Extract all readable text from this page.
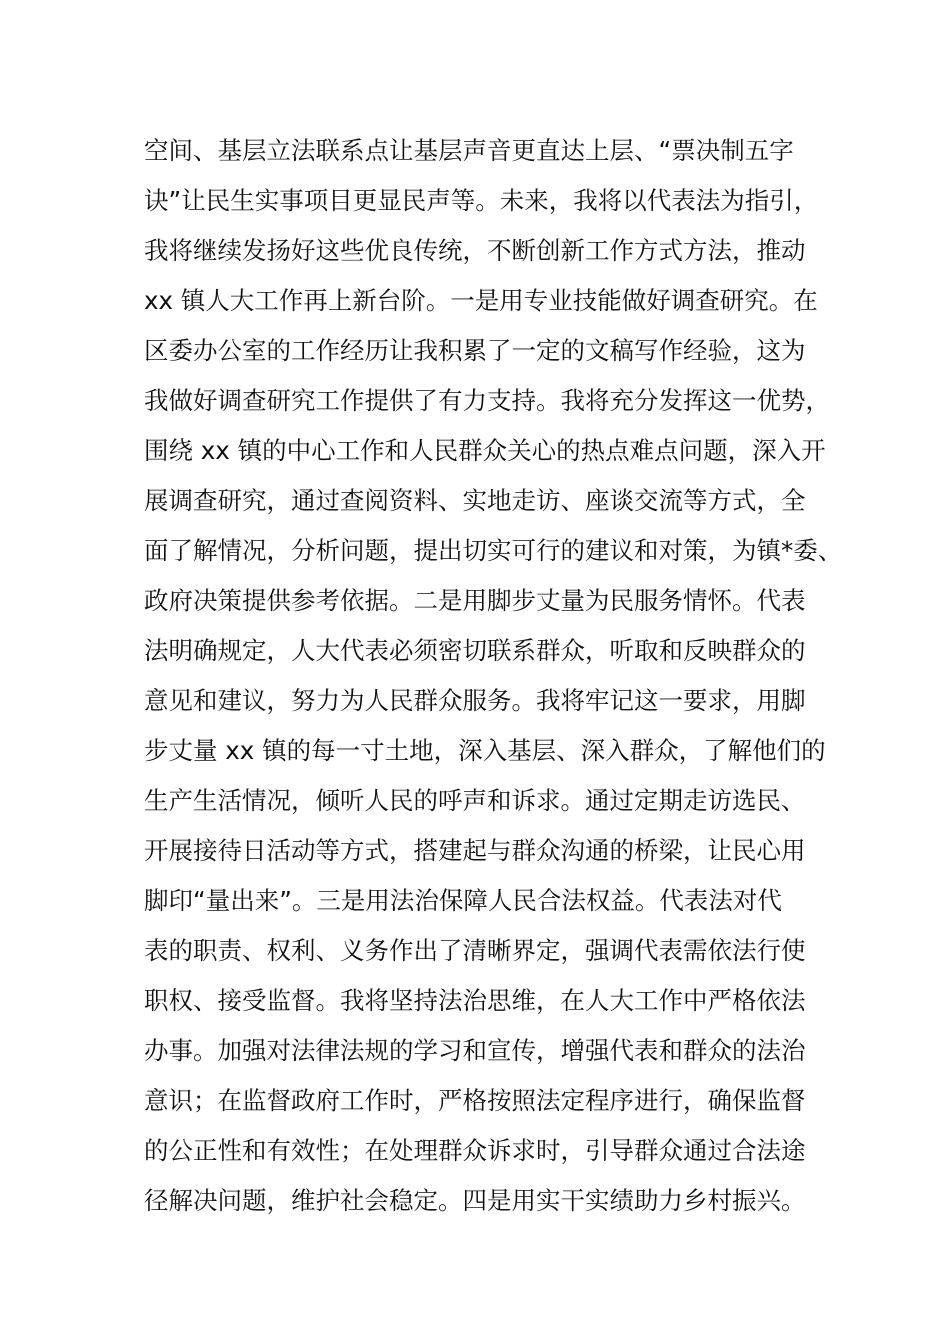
空间、基层立法联系点让基层声音更直达上层、“票决制五字
诀”让民生实事项目更显民声等。未来，我将以代表法为指引，
我将继续发扬好这些优良传统，不断创新工作方式方法，推动
xx 镇人大工作再上新台阶。一是用专业技能做好调查研究。在
区委办公室的工作经历让我积累了一定的文稿写作经验，这为
我做好调查研究工作提供了有力支持。我将充分发挥这一优势，
围绕 xx 镇的中心工作和人民群众关心的热点难点问题，深入开
展调查研究，通过查阅资料、实地走访、座谈交流等方式，全
面了解情况，分析问题，提出切实可行的建议和对策，为镇*委、
政府决策提供参考依据。二是用脚步丈量为民服务情怀。代表
法明确规定，人大代表必须密切联系群众，听取和反映群众的
意见和建议，努力为人民群众服务。我将牢记这一要求，用脚
步丈量 xx 镇的每一寸土地，深入基层、深入群众，了解他们的
生产生活情况，倾听人民的呼声和诉求。通过定期走访选民、
开展接待日活动等方式，搭建起与群众沟通的桥梁，让民心用
脚印“量出来”。三是用法治保障人民合法权益。代表法对代
表的职责、权利、义务作出了清晰界定，强调代表需依法行使
职权、接受监督。我将坚持法治思维，在人大工作中严格依法
办事。加强对法律法规的学习和宣传，增强代表和群众的法治
意识；在监督政府工作时，严格按照法定程序进行，确保监督
的公正性和有效性；在处理群众诉求时，引导群众通过合法途
径解决问题，维护社会稳定。四是用实干实绩助力乡村振兴。
